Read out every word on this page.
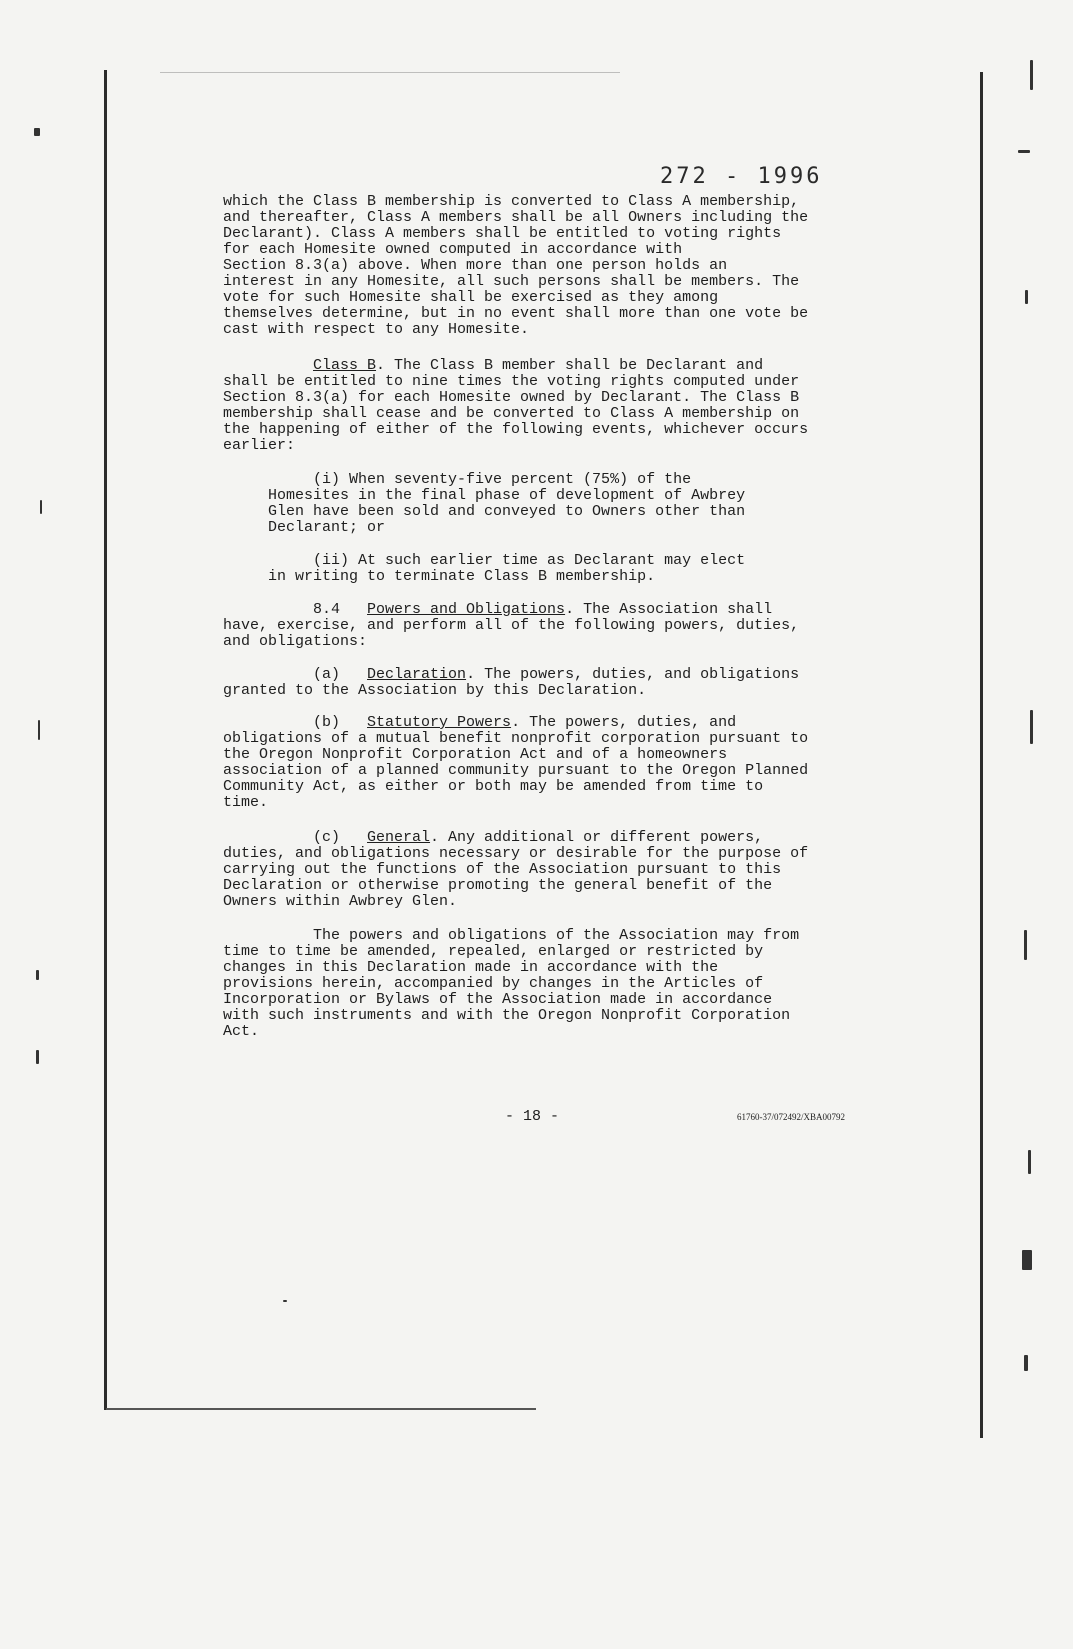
272 - 1996

which the Class B membership is converted to Class A membership,
and thereafter, Class A members shall be all Owners including the
Declarant). Class A members shall be entitled to voting rights
for each Homesite owned computed in accordance with
Section 8.3(a) above. When more than one person holds an
interest in any Homesite, all such persons shall be members. The
vote for such Homesite shall be exercised as they among
themselves determine, but in no event shall more than one vote be
cast with respect to any Homesite.

Class B. The Class B member shall be Declarant and
shall be entitled to nine times the voting rights computed under
Section 8.3(a) for each Homesite owned by Declarant. The Class B
membership shall cease and be converted to Class A membership on
the happening of either of the following events, whichever occurs
earlier:

(i) When seventy-five percent (75%) of the
Homesites in the final phase of development of Awbrey
Glen have been sold and conveyed to Owners other than
Declarant; or

(ii) At such earlier time as Declarant may elect
in writing to terminate Class B membership.

8.4   Powers and Obligations. The Association shall
have, exercise, and perform all of the following powers, duties,
and obligations:

(a)   Declaration. The powers, duties, and obligations
granted to the Association by this Declaration.

(b)   Statutory Powers. The powers, duties, and
obligations of a mutual benefit nonprofit corporation pursuant to
the Oregon Nonprofit Corporation Act and of a homeowners
association of a planned community pursuant to the Oregon Planned
Community Act, as either or both may be amended from time to
time.

(c)   General. Any additional or different powers,
duties, and obligations necessary or desirable for the purpose of
carrying out the functions of the Association pursuant to this
Declaration or otherwise promoting the general benefit of the
Owners within Awbrey Glen.

The powers and obligations of the Association may from
time to time be amended, repealed, enlarged or restricted by
changes in this Declaration made in accordance with the
provisions herein, accompanied by changes in the Articles of
Incorporation or Bylaws of the Association made in accordance
with such instruments and with the Oregon Nonprofit Corporation
Act.

- 18 -	61760-37/072492/XBA00792
